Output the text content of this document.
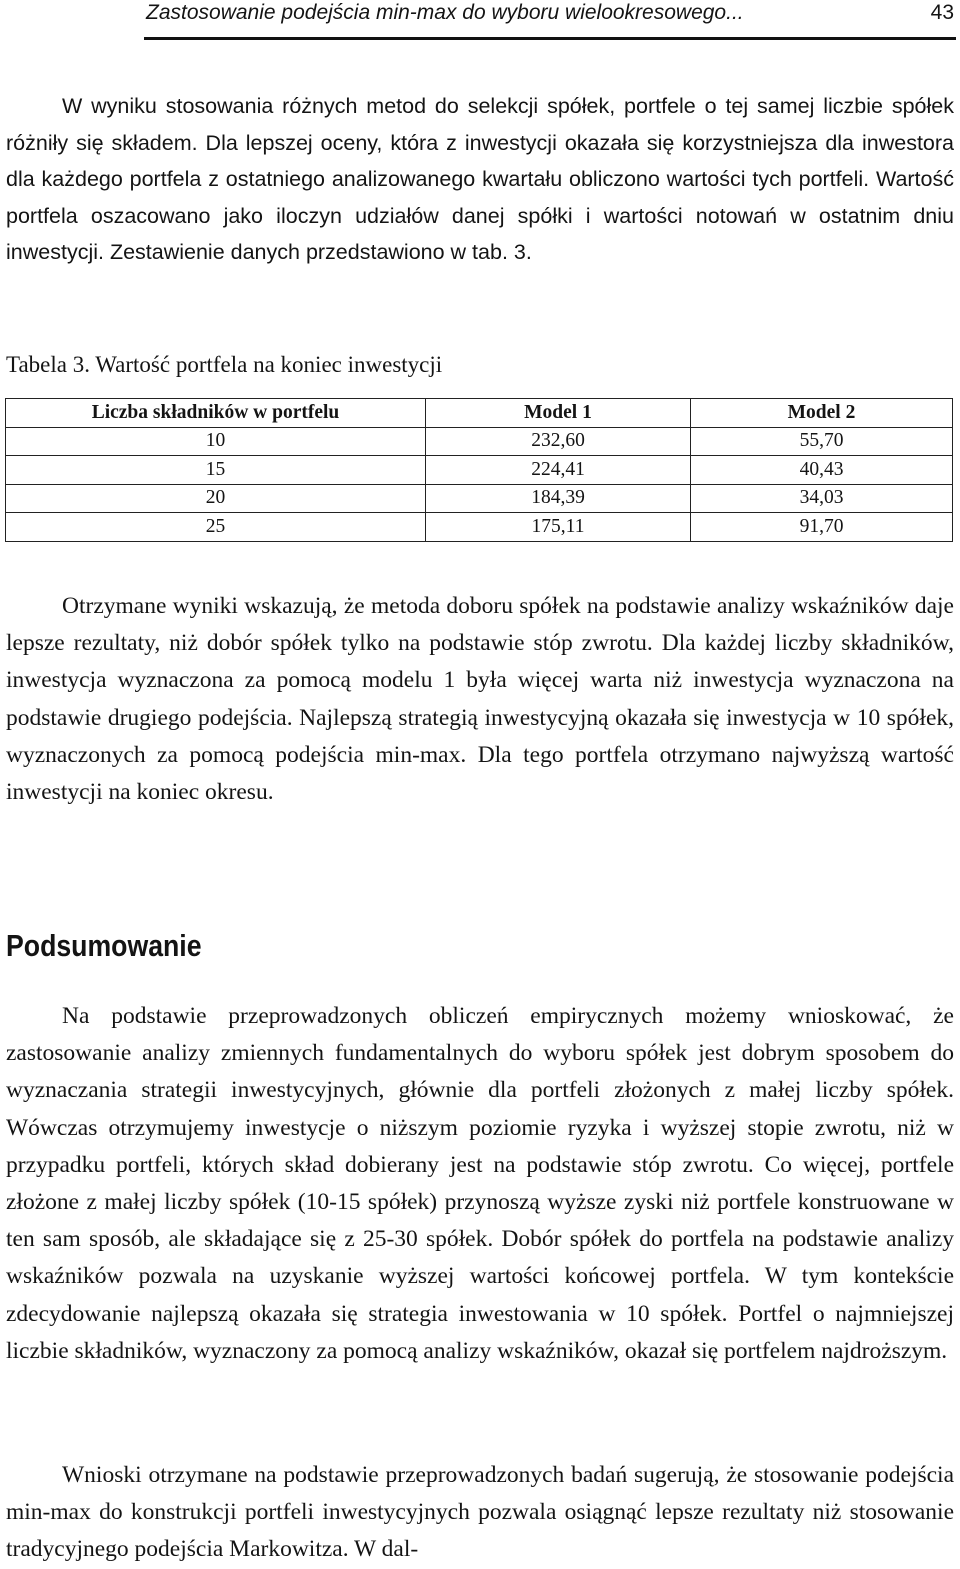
Zastosowanie podejścia min-max do wyboru wielookresowego...	43

W wyniku stosowania różnych metod do selekcji spółek, portfele o tej samej liczbie spółek różniły się składem. Dla lepszej oceny, która z inwestycji okazała się korzystniejsza dla inwestora dla każdego portfela z ostatniego analizowanego kwartału obliczono wartości tych portfeli. Wartość portfela oszacowano jako iloczyn udziałów danej spółki i wartości notowań w ostatnim dniu inwestycji. Zestawienie danych przedstawiono w tab. 3.

Tabela 3. Wartość portfela na koniec inwestycji

Liczba składników w portfelu	Model 1	Model 2
10	232,60	55,70
15	224,41	40,43
20	184,39	34,03
25	175,11	91,70

Otrzymane wyniki wskazują, że metoda doboru spółek na podstawie analizy wskaźników daje lepsze rezultaty, niż dobór spółek tylko na podstawie stóp zwrotu. Dla każdej liczby składników, inwestycja wyznaczona za pomocą modelu 1 była więcej warta niż inwestycja wyznaczona na podstawie drugiego podejścia. Najlepszą strategią inwestycyjną okazała się inwestycja w 10 spółek, wyznaczonych za pomocą podejścia min-max. Dla tego portfela otrzymano najwyższą wartość inwestycji na koniec okresu.

Podsumowanie

Na podstawie przeprowadzonych obliczeń empirycznych możemy wnioskować, że zastosowanie analizy zmiennych fundamentalnych do wyboru spółek jest dobrym sposobem do wyznaczania strategii inwestycyjnych, głównie dla portfeli złożonych z małej liczby spółek. Wówczas otrzymujemy inwestycje o niższym poziomie ryzyka i wyższej stopie zwrotu, niż w przypadku portfeli, których skład dobierany jest na podstawie stóp zwrotu. Co więcej, portfele złożone z małej liczby spółek (10-15 spółek) przynoszą wyższe zyski niż portfele konstruowane w ten sam sposób, ale składające się z 25-30 spółek. Dobór spółek do portfela na podstawie analizy wskaźników pozwala na uzyskanie wyższej wartości końcowej portfela. W tym kontekście zdecydowanie najlepszą okazała się strategia inwestowania w 10 spółek. Portfel o najmniejszej liczbie składników, wyznaczony za pomocą analizy wskaźników, okazał się portfelem najdroższym.

Wnioski otrzymane na podstawie przeprowadzonych badań sugerują, że stosowanie podejścia min-max do konstrukcji portfeli inwestycyjnych pozwala osiągnąć lepsze rezultaty niż stosowanie tradycyjnego podejścia Markowitza. W dal-
